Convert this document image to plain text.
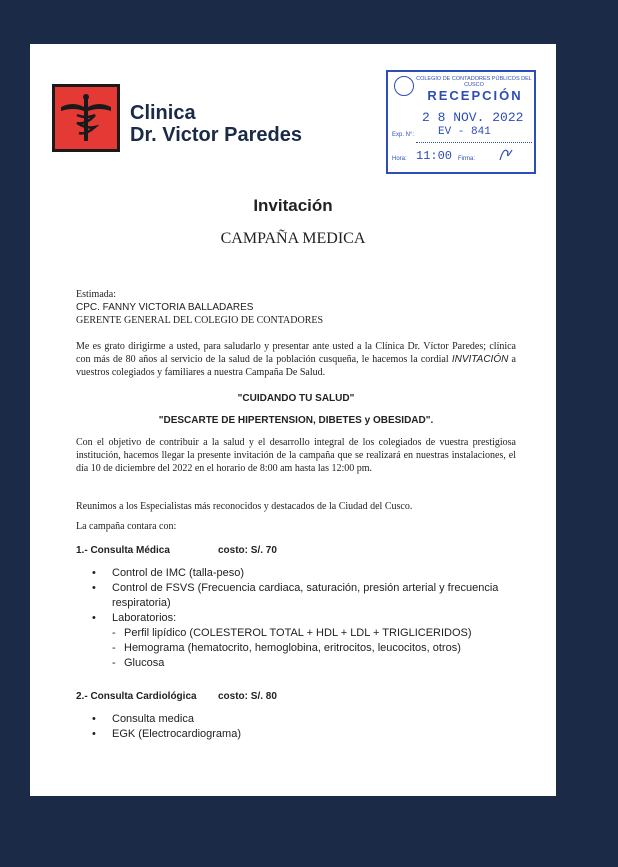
Clinica
Dr. Victor Paredes
COLEGIO DE CONTADORES PÚBLICOS DEL CUSCO
RECEPCIÓN
2 8 NOV. 2022
Exp. N°: EV - 841
Hora: 11:00 Firma:
Invitación
CAMPAÑA MEDICA

Estimada:

CPC. FANNY VICTORIA BALLADARES

GERENTE GENERAL DEL COLEGIO DE CONTADORES

Me es grato dirigirme a usted, para saludarlo y presentar ante usted a la Clínica Dr. Víctor Paredes; clínica con más de 80 años al servicio de la salud de la población cusqueña, le hacemos la cordial INVITACIÓN a vuestros colegiados y familiares a nuestra Campaña De Salud.

"CUIDANDO TU SALUD"
"DESCARTE DE HIPERTENSION, DIBETES y OBESIDAD".
Con el objetivo de contribuir a la salud y el desarrollo integral de los colegiados de vuestra prestigiosa institución, hacemos llegar la presente invitación de la campaña que se realizará en nuestras instalaciones, el día 10 de diciembre del 2022 en el horario de 8:00 am hasta las 12:00 pm.
Reunimos a los Especialistas más reconocidos y destacados de la Ciudad del Cusco.
La campaña contara con:
1.- Consulta Médica	costo: S/. 70
• Control de IMC (talla-peso)
• Control de FSVS (Frecuencia cardiaca, saturación, presión arterial y frecuencia respiratoria)
• Laboratorios:
- Perfil lipídico (COLESTEROL TOTAL + HDL + LDL + TRIGLICERIDOS)
- Hemograma (hematocrito, hemoglobina, eritrocitos, leucocitos, otros)
- Glucosa
2.- Consulta Cardiológica costo: S/. 80
• Consulta medica
• EGK (Electrocardiograma)
